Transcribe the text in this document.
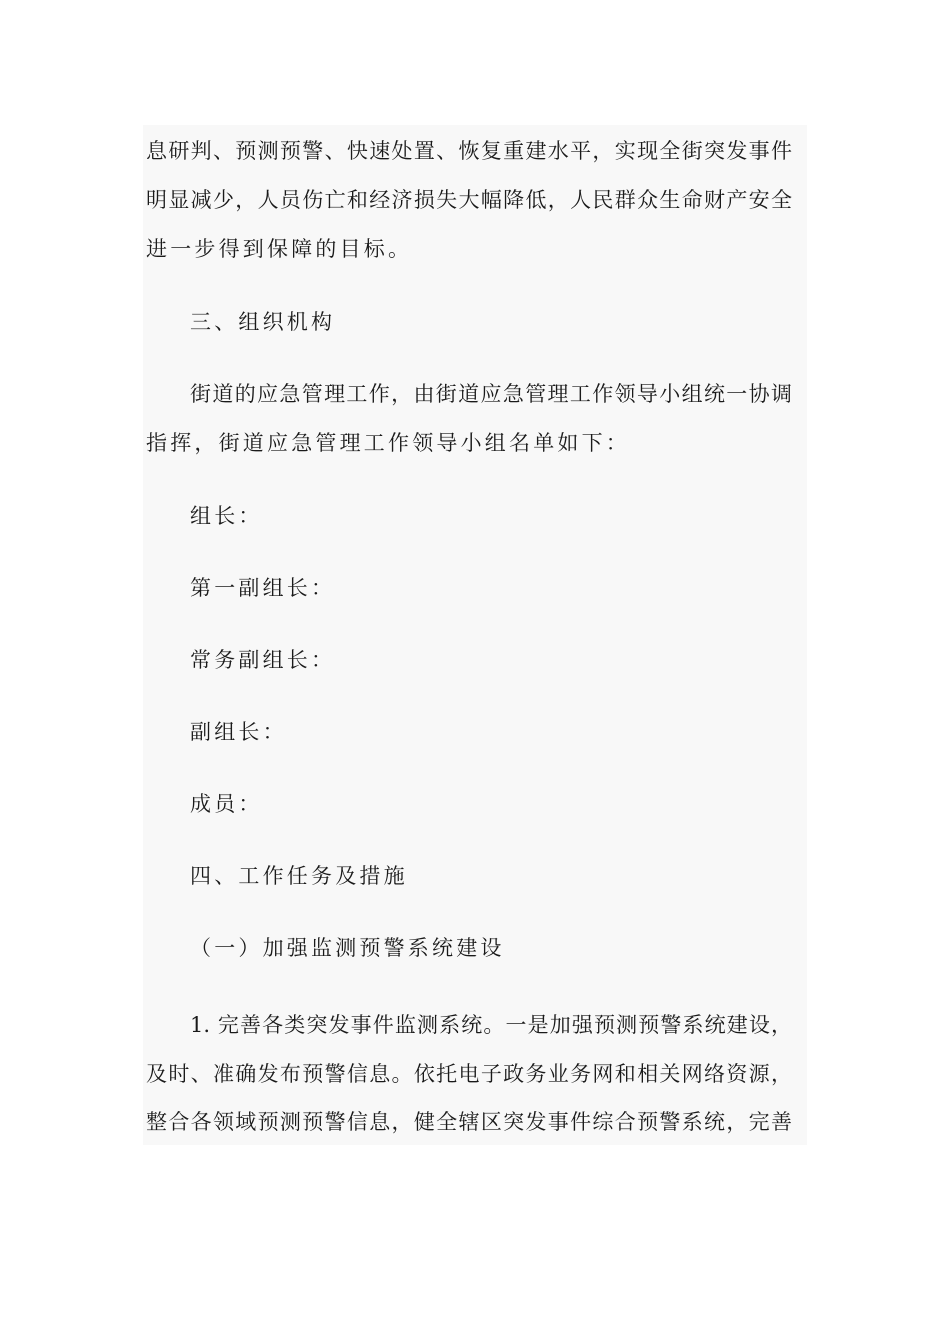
息研判、预测预警、快速处置、恢复重建水平，实现全街突发事件
明显减少，人员伤亡和经济损失大幅降低，人民群众生命财产安全
进一步得到保障的目标。
三、组织机构
街道的应急管理工作，由街道应急管理工作领导小组统一协调
指挥，街道应急管理工作领导小组名单如下：
组长：
第一副组长：
常务副组长：
副组长：
成员：
四、工作任务及措施
（一）加强监测预警系统建设
1. 完善各类突发事件监测系统。一是加强预测预警系统建设，
及时、准确发布预警信息。依托电子政务业务网和相关网络资源，
整合各领域预测预警信息，健全辖区突发事件综合预警系统，完善
